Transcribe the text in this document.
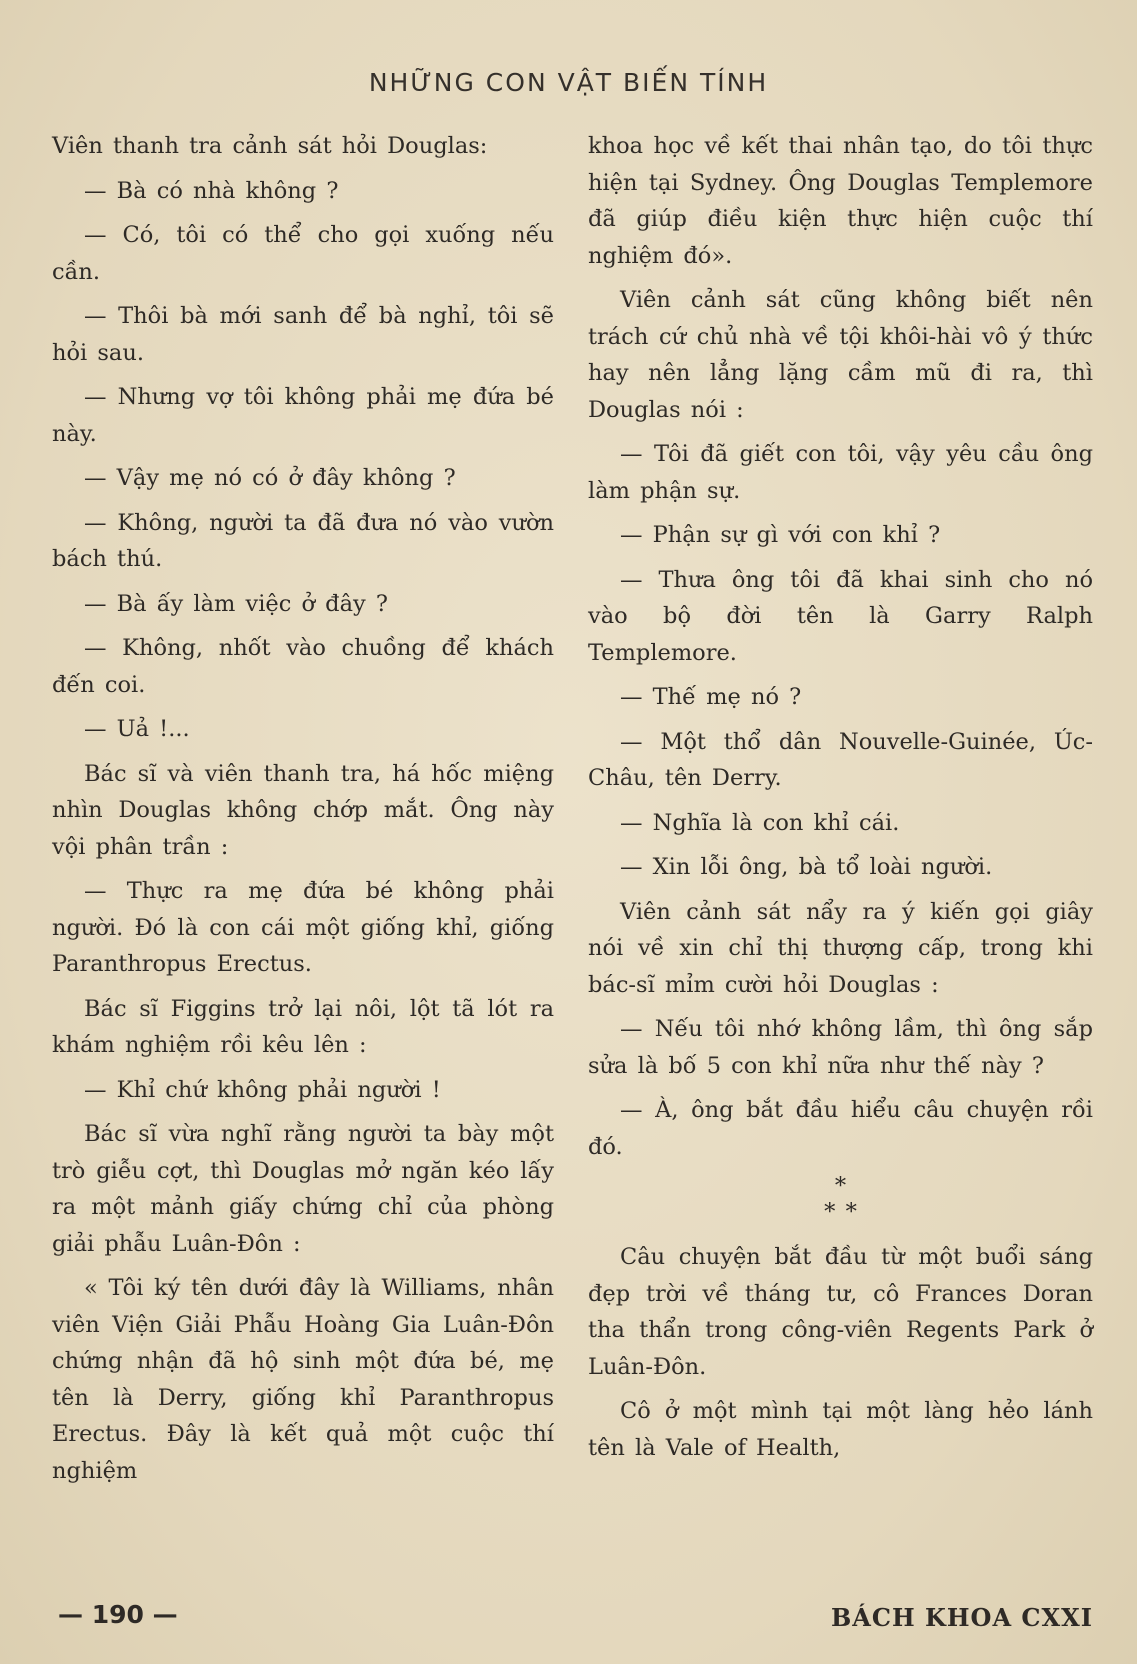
NHỮNG CON VẬT BIẾN TÍNH

Viên thanh tra cảnh sát hỏi Douglas:

— Bà có nhà không ?

— Có, tôi có thể cho gọi xuống nếu cần.

— Thôi bà mới sanh để bà nghỉ, tôi sẽ hỏi sau.

— Nhưng vợ tôi không phải mẹ đứa bé này.

— Vậy mẹ nó có ở đây không ?

— Không, người ta đã đưa nó vào vườn bách thú.

— Bà ấy làm việc ở đây ?

— Không, nhốt vào chuồng để khách đến coi.

— Uả !...

Bác sĩ và viên thanh tra, há hốc miệng nhìn Douglas không chớp mắt. Ông này vội phân trần :

— Thực ra mẹ đứa bé không phải người. Đó là con cái một giống khỉ, giống Paranthropus Erectus.

Bác sĩ Figgins trở lại nôi, lột tã lót ra khám nghiệm rồi kêu lên :

— Khỉ chứ không phải người !

Bác sĩ vừa nghĩ rằng người ta bày một trò giễu cợt, thì Douglas mở ngăn kéo lấy ra một mảnh giấy chứng chỉ của phòng giải phẫu Luân-Đôn :

« Tôi ký tên dưới đây là Williams, nhân viên Viện Giải Phẫu Hoàng Gia Luân-Đôn chứng nhận đã hộ sinh một đứa bé, mẹ tên là Derry, giống khỉ Paranthropus Erectus. Đây là kết quả một cuộc thí nghiệm

khoa học về kết thai nhân tạo, do tôi thực hiện tại Sydney. Ông Douglas Templemore đã giúp điều kiện thực hiện cuộc thí nghiệm đó».

Viên cảnh sát cũng không biết nên trách cứ chủ nhà về tội khôi-hài vô ý thức hay nên lẳng lặng cầm mũ đi ra, thì Douglas nói :

— Tôi đã giết con tôi, vậy yêu cầu ông làm phận sự.

— Phận sự gì với con khỉ ?

— Thưa ông tôi đã khai sinh cho nó vào bộ đời tên là Garry Ralph Templemore.

— Thế mẹ nó ?

— Một thổ dân Nouvelle-Guinée, Úc-Châu, tên Derry.

— Nghĩa là con khỉ cái.

— Xin lỗi ông, bà tổ loài người.

Viên cảnh sát nẩy ra ý kiến gọi giây nói về xin chỉ thị thượng cấp, trong khi bác-sĩ mỉm cười hỏi Douglas :

— Nếu tôi nhớ không lầm, thì ông sắp sửa là bố 5 con khỉ nữa như thế này ?

— À, ông bắt đầu hiểu câu chuyện rồi đó.

*

* *

Câu chuyện bắt đầu từ một buổi sáng đẹp trời về tháng tư, cô Frances Doran tha thẩn trong công-viên Regents Park ở Luân-Đôn.

Cô ở một mình tại một làng hẻo lánh tên là Vale of Health,

— 190 —	BÁCH KHOA CXXI
